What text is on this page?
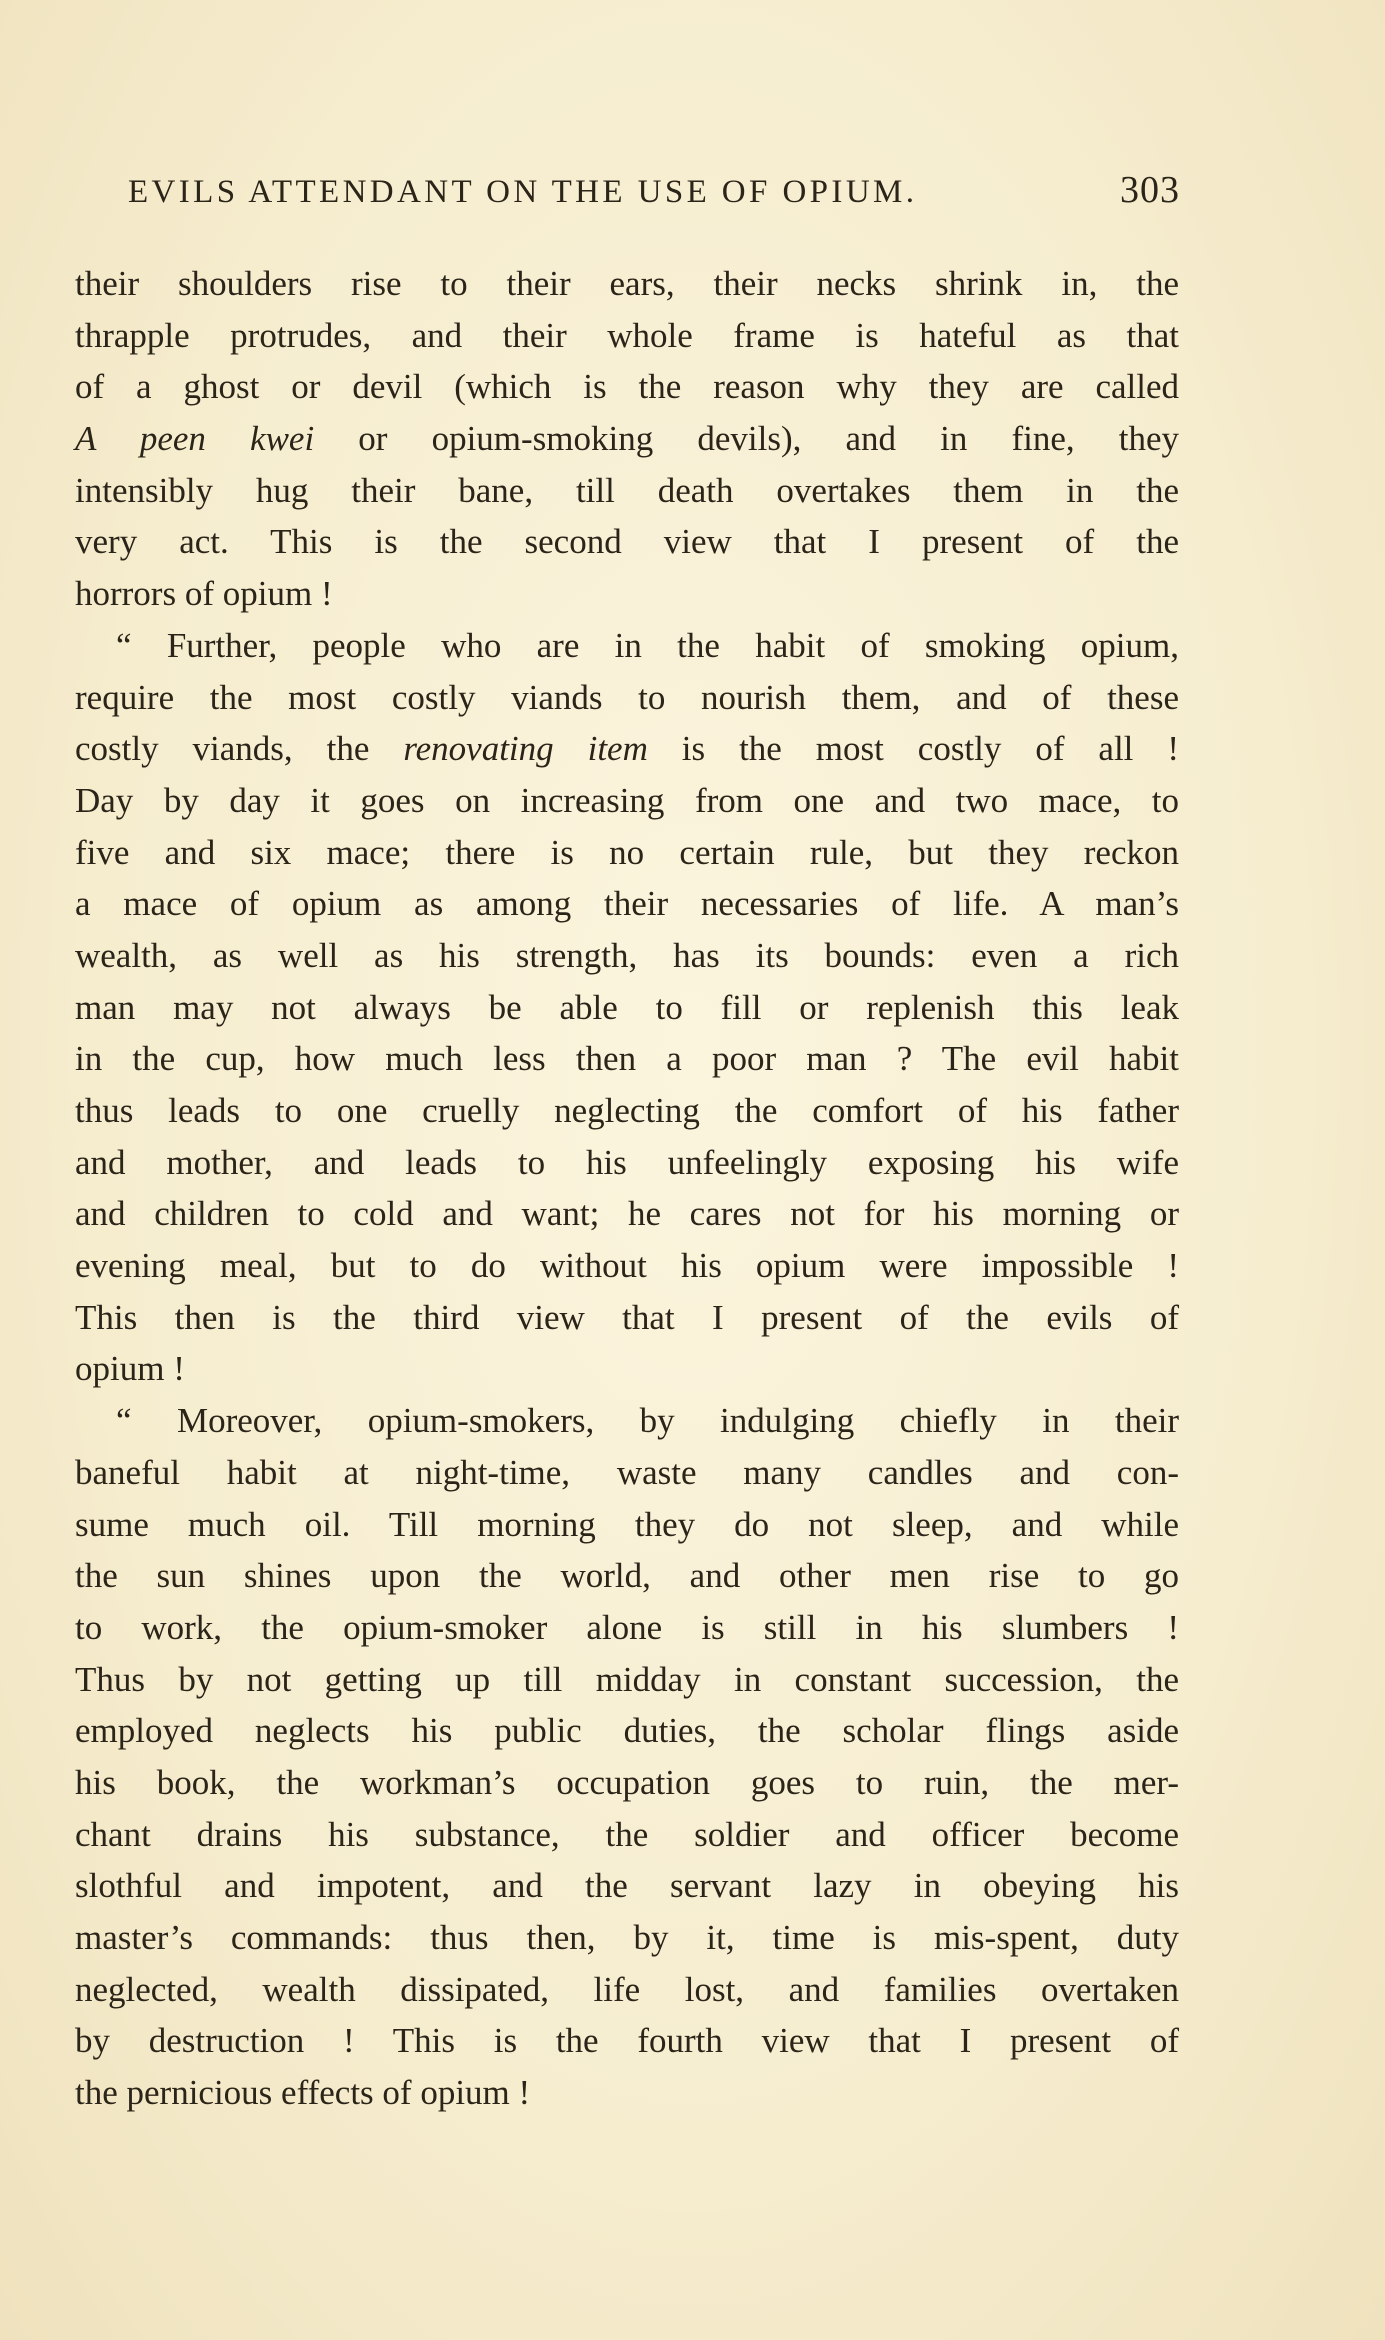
EVILS ATTENDANT ON THE USE OF OPIUM.	303
their shoulders rise to their ears, their necks shrink in, the
thrapple protrudes, and their whole frame is hateful as that
of a ghost or devil (which is the reason why they are called
A peen kwei or opium-smoking devils), and in fine, they
intensibly hug their bane, till death overtakes them in the
very act. This is the second view that I present of the
horrors of opium !
“ Further, people who are in the habit of smoking opium,
require the most costly viands to nourish them, and of these
costly viands, the renovating item is the most costly of all !
Day by day it goes on increasing from one and two mace, to
five and six mace; there is no certain rule, but they reckon
a mace of opium as among their necessaries of life. A man’s
wealth, as well as his strength, has its bounds: even a rich
man may not always be able to fill or replenish this leak
in the cup, how much less then a poor man ? The evil habit
thus leads to one cruelly neglecting the comfort of his father
and mother, and leads to his unfeelingly exposing his wife
and children to cold and want; he cares not for his morning or
evening meal, but to do without his opium were impossible !
This then is the third view that I present of the evils of
opium !
“ Moreover, opium-smokers, by indulging chiefly in their
baneful habit at night-time, waste many candles and con-
sume much oil. Till morning they do not sleep, and while
the sun shines upon the world, and other men rise to go
to work, the opium-smoker alone is still in his slumbers !
Thus by not getting up till midday in constant succession, the
employed neglects his public duties, the scholar flings aside
his book, the workman’s occupation goes to ruin, the mer-
chant drains his substance, the soldier and officer become
slothful and impotent, and the servant lazy in obeying his
master’s commands: thus then, by it, time is mis-spent, duty
neglected, wealth dissipated, life lost, and families overtaken
by destruction ! This is the fourth view that I present of
the pernicious effects of opium !
